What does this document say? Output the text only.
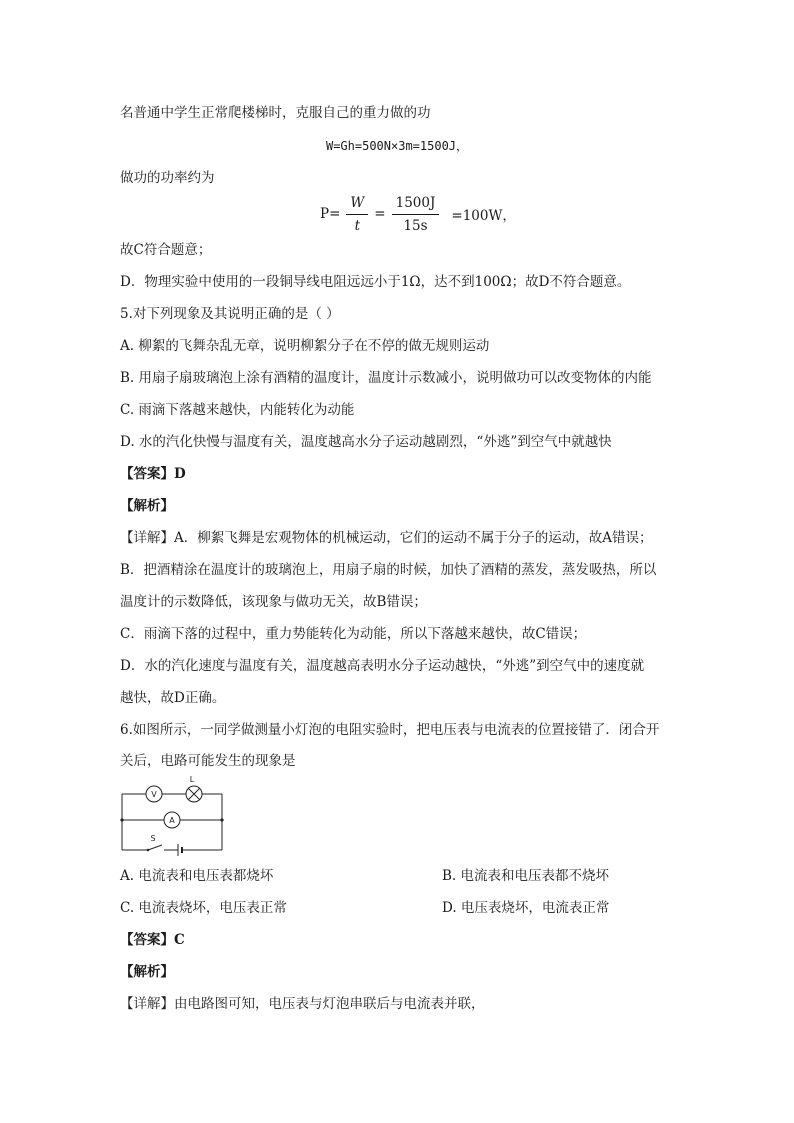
名普通中学生正常爬楼梯时，克服自己的重力做的功
W=Gh=500N×3m=1500J，
做功的功率约为
$P= \frac{W}{t} = \frac{1500J}{15s} =100W$，
故C符合题意；
D．物理实验中使用的一段铜导线电阻远远小于1Ω，达不到100Ω；故D不符合题意。
5.对下列现象及其说明正确的是（ ）
A. 柳絮的飞舞杂乱无章，说明柳絮分子在不停的做无规则运动
B. 用扇子扇玻璃泡上涂有酒精的温度计，温度计示数减小，说明做功可以改变物体的内能
C. 雨滴下落越来越快，内能转化为动能
D. 水的汽化快慢与温度有关，温度越高水分子运动越剧烈，“外逃”到空气中就越快
【答案】D
【解析】
【详解】A．柳絮飞舞是宏观物体的机械运动，它们的运动不属于分子的运动，故A错误；
B．把酒精涂在温度计的玻璃泡上，用扇子扇的时候，加快了酒精的蒸发，蒸发吸热，所以
温度计的示数降低，该现象与做功无关，故B错误；
C．雨滴下落的过程中，重力势能转化为动能，所以下落越来越快，故C错误；
D．水的汽化速度与温度有关，温度越高表明水分子运动越快，“外逃”到空气中的速度就
越快，故D正确。
6.如图所示，一同学做测量小灯泡的电阻实验时，把电压表与电流表的位置接错了．闭合开
关后，电路可能发生的现象是
V
L
A
S
A. 电流表和电压表都烧坏	B. 电流表和电压表都不烧坏
C. 电流表烧坏，电压表正常	D. 电压表烧坏，电流表正常
【答案】C
【解析】
【详解】由电路图可知，电压表与灯泡串联后与电流表并联，
